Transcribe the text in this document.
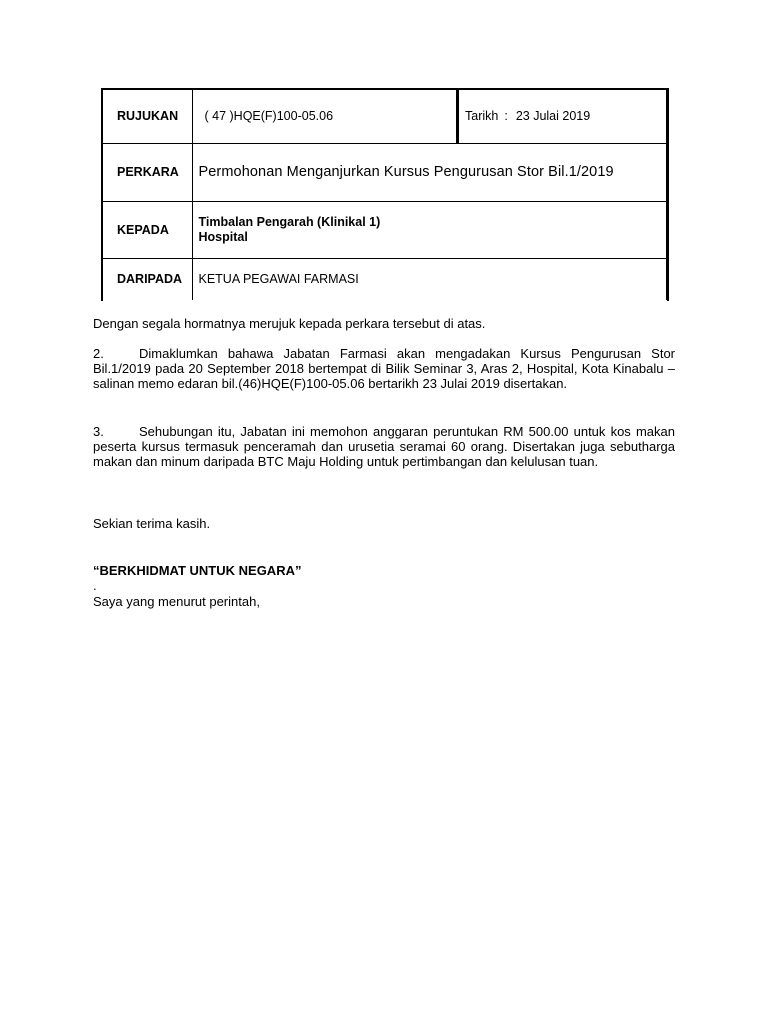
RUJUKAN	( 47 )HQE(F)100-05.06	Tarikh : 23 Julai 2019
PERKARA	Permohonan Menganjurkan Kursus Pengurusan Stor Bil.1/2019	
KEPADA	Timbalan Pengarah (Klinikal 1)
Hospital	

DARIPADA	KETUA PEGAWAI FARMASI	
Dengan segala hormatnya merujuk kepada perkara tersebut di atas.
2.	Dimaklumkan bahawa Jabatan Farmasi akan mengadakan Kursus Pengurusan Stor Bil.1/2019 pada 20 September 2018 bertempat di Bilik Seminar 3, Aras 2, Hospital, Kota Kinabalu – salinan memo edaran bil.(46)HQE(F)100-05.06 bertarikh 23 Julai 2019 disertakan.
3.	Sehubungan itu, Jabatan ini memohon anggaran peruntukan RM 500.00 untuk kos makan peserta kursus termasuk penceramah dan urusetia seramai 60 orang. Disertakan juga sebutharga makan dan minum daripada BTC Maju Holding untuk pertimbangan dan kelulusan tuan.
Sekian terima kasih.
“BERKHIDMAT UNTUK NEGARA”
.
Saya yang menurut perintah,
